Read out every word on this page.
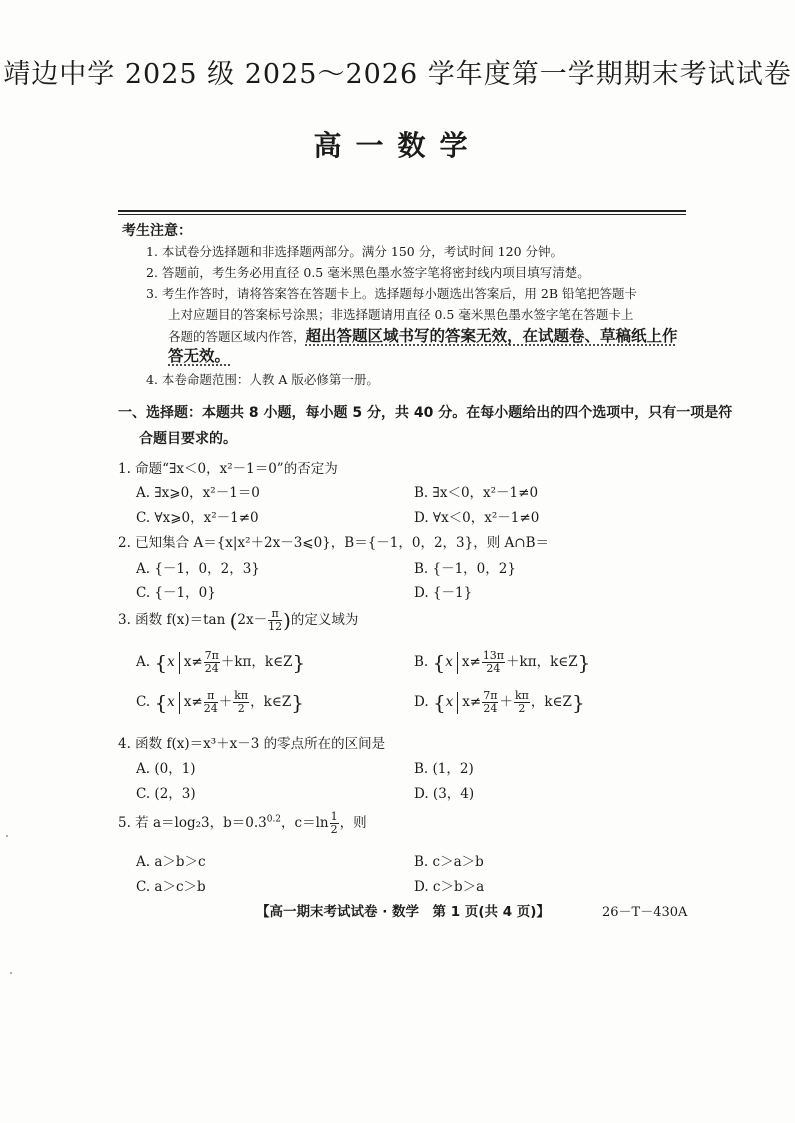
靖边中学 2025 级 2025～2026 学年度第一学期期末考试试卷
高一数学
考生注意：
1. 本试卷分选择题和非选择题两部分。满分 150 分，考试时间 120 分钟。
2. 答题前，考生务必用直径 0.5 毫米黑色墨水签字笔将密封线内项目填写清楚。
3. 考生作答时，请将答案答在答题卡上。选择题每小题选出答案后，用 2B 铅笔把答题卡
上对应题目的答案标号涂黑；非选择题请用直径 0.5 毫米黑色墨水签字笔在答题卡上
各题的答题区域内作答，超出答题区域书写的答案无效，在试题卷、草稿纸上作
答无效。
4. 本卷命题范围：人教 A 版必修第一册。
一、选择题：本题共 8 小题，每小题 5 分，共 40 分。在每小题给出的四个选项中，只有一项是符
合题目要求的。
1. 命题“∃x＜0，x²－1＝0”的否定为
A. ∃x⩾0，x²－1＝0	B. ∃x＜0，x²－1≠0
C. ∀x⩾0，x²－1≠0	D. ∀x＜0，x²－1≠0
2. 已知集合 A＝{x|x²＋2x－3⩽0}，B＝{－1，0，2，3}，则 A∩B＝
A. {－1，0，2，3}	B. {－1，0，2}
C. {－1，0}	D. {－1}
3. 函数 f(x)＝tan ($2x- \frac{\pi}{12}$ )的定义域为
A. {x $x\ne \frac{7\pi}{24} +k\pi$，k∈Z}	B. {x $x\ne \frac{13\pi}{24} +k\pi$，k∈Z}
C. {x $x\ne \frac{\pi}{24} + \frac{k\pi}{2}$ ，k∈Z}	D. {x $x\ne \frac{7\pi}{24} + \frac{k\pi}{2}$ ，k∈Z}
4. 函数 f(x)＝x³＋x－3 的零点所在的区间是
A. (0，1)	B. (1，2)
C. (2，3)	D. (3，4)
5. 若 a＝log₂3，$b=0.3^{0.2}$，$c=\ln \frac{1}{2}$ ，则
A. a＞b＞c	B. c＞a＞b
C. a＞c＞b	D. c＞b＞a
【高一期末考试试卷 · 数学　第 1 页(共 4 页)】	26－T－430A
